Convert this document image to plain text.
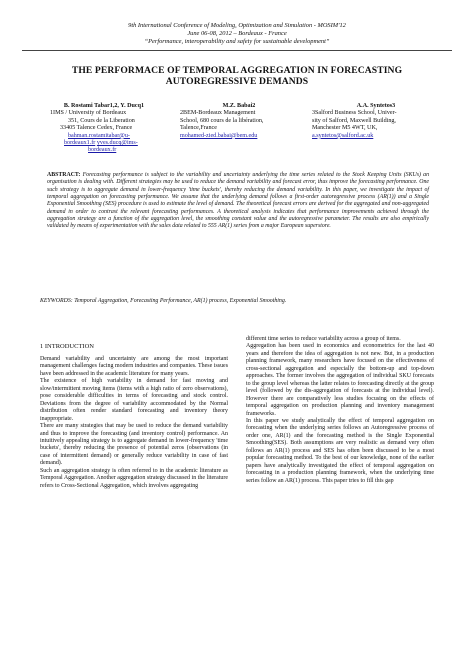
9th International Conference of Modeling, Optimization and Simulation - MOSIM'12
June 06-08, 2012 – Bordeaux - France
“Performance, interoperability and safety for sustainable development”
THE PERFORMACE OF TEMPORAL AGGREGATION IN FORECASTING
AUTOREGRESSIVE DEMANDS
B. Rostami Tabar1,2, Y. Ducq1
1IMS / University of Bordeaux
351, Cours de la Liberation
33405 Talence Cedex, France
bahman.rostamitabar@u-
bordeaux1.fr yves.ducq@ims-
bordeaux.fr
M.Z. Babai2
2BEM-Bordeaux Management
School, 680 cours de la libération,
Talence,France
mohamed-zied.babai@bem.edu
A.A. Syntetos3
3Salford Business School, Univer-
sity of Salford, Maxwell Building,
Manchester M5 4WT, UK,
a.syntetos@salford.ac.uk
ABSTRACT: Forecasting performance is subject to the variability and uncertainty underlying the time series related to the Stock Keeping Units (SKUs) an organisation is dealing with. Different strategies may be used to reduce the demand variability and forecast error, thus improve the forecasting performance. One such strategy is to aggregate demand in lower-frequency 'time buckets', thereby reducing the demand variability. In this paper, we investigate the impact of temporal aggregation on forecasting performance. We assume that the underlying demand follows a first-order autoregressive process (AR(1)) and a Single Exponential Smoothing (SES) procedure is used to estimate the level of demand. The theoretical forecast errors are derived for the aggregated and non-aggregated demand in order to contrast the relevant forecasting performances. A theoretical analysis indicates that performance improvements achieved through the aggregation strategy are a function of the aggregation level, the smoothing constant value and the autoregressive parameter. The results are also empirically validated by means of experimentation with the sales data related to 555 AR(1) series from a major European superstore.
KEYWORDS: Temporal Aggregation, Forecasting Performance, AR(1) process, Exponential Smoothing.
1 INTRODUCTION
Demand variability and uncertainty are among the most important management challenges facing modern industries and companies. These issues have been addressed in the academic literature for many years.
The existence of high variability in demand for fast moving and slow/intermittent moving items (items with a high ratio of zero observations), pose considerable difficulties in terms of forecasting and stock control. Deviations from the degree of variability accommodated by the Normal distribution often render standard forecasting and inventory theory inappropriate.
There are many strategies that may be used to reduce the demand variability and thus to improve the forecasting (and inventory control) performance. An intuitively appealing strategy is to aggregate demand in lower-frequency 'time buckets', thereby reducing the presence of potential zeros (observations (in case of intermittent demand) or generally reduce variability in case of fast demand).
Such an aggregation strategy is often referred to in the academic literature as Temporal Aggregation. Another aggregation strategy discussed in the literature refers to Cross-Sectional Aggregation, which involves aggregating
different time series to reduce variability across a group of items.
Aggregation has been used in economics and econometrics for the last 40 years and therefore the idea of aggregation is not new. But, in a production planning framework, many researchers have focused on the effectiveness of cross-sectional aggregation and especially the bottom-up and top-down approaches. The former involves the aggregation of individual SKU forecasts to the group level whereas the latter relates to forecasting directly at the group level (followed by the dis-aggregation of forecasts at the individual level). However there are comparatively less studies focusing on the effects of temporal aggregation on production planning and inventory management frameworks.
In this paper we study analytically the effect of temporal aggregation on forecasting when the underlying series follows an Autoregressive process of order one, AR(1) and the forecasting method is the Single Exponential Smoothing(SES). Both assumptions are very realistic as demand very often follows an AR(1) process and SES has often been discussed to be a most popular forecasting method. To the best of our knowledge, none of the earlier papers have analytically investigated the effect of temporal aggregation on forecasting in a production planning framework, when the underlying time series follow an AR(1) process. This paper tries to fill this gap
